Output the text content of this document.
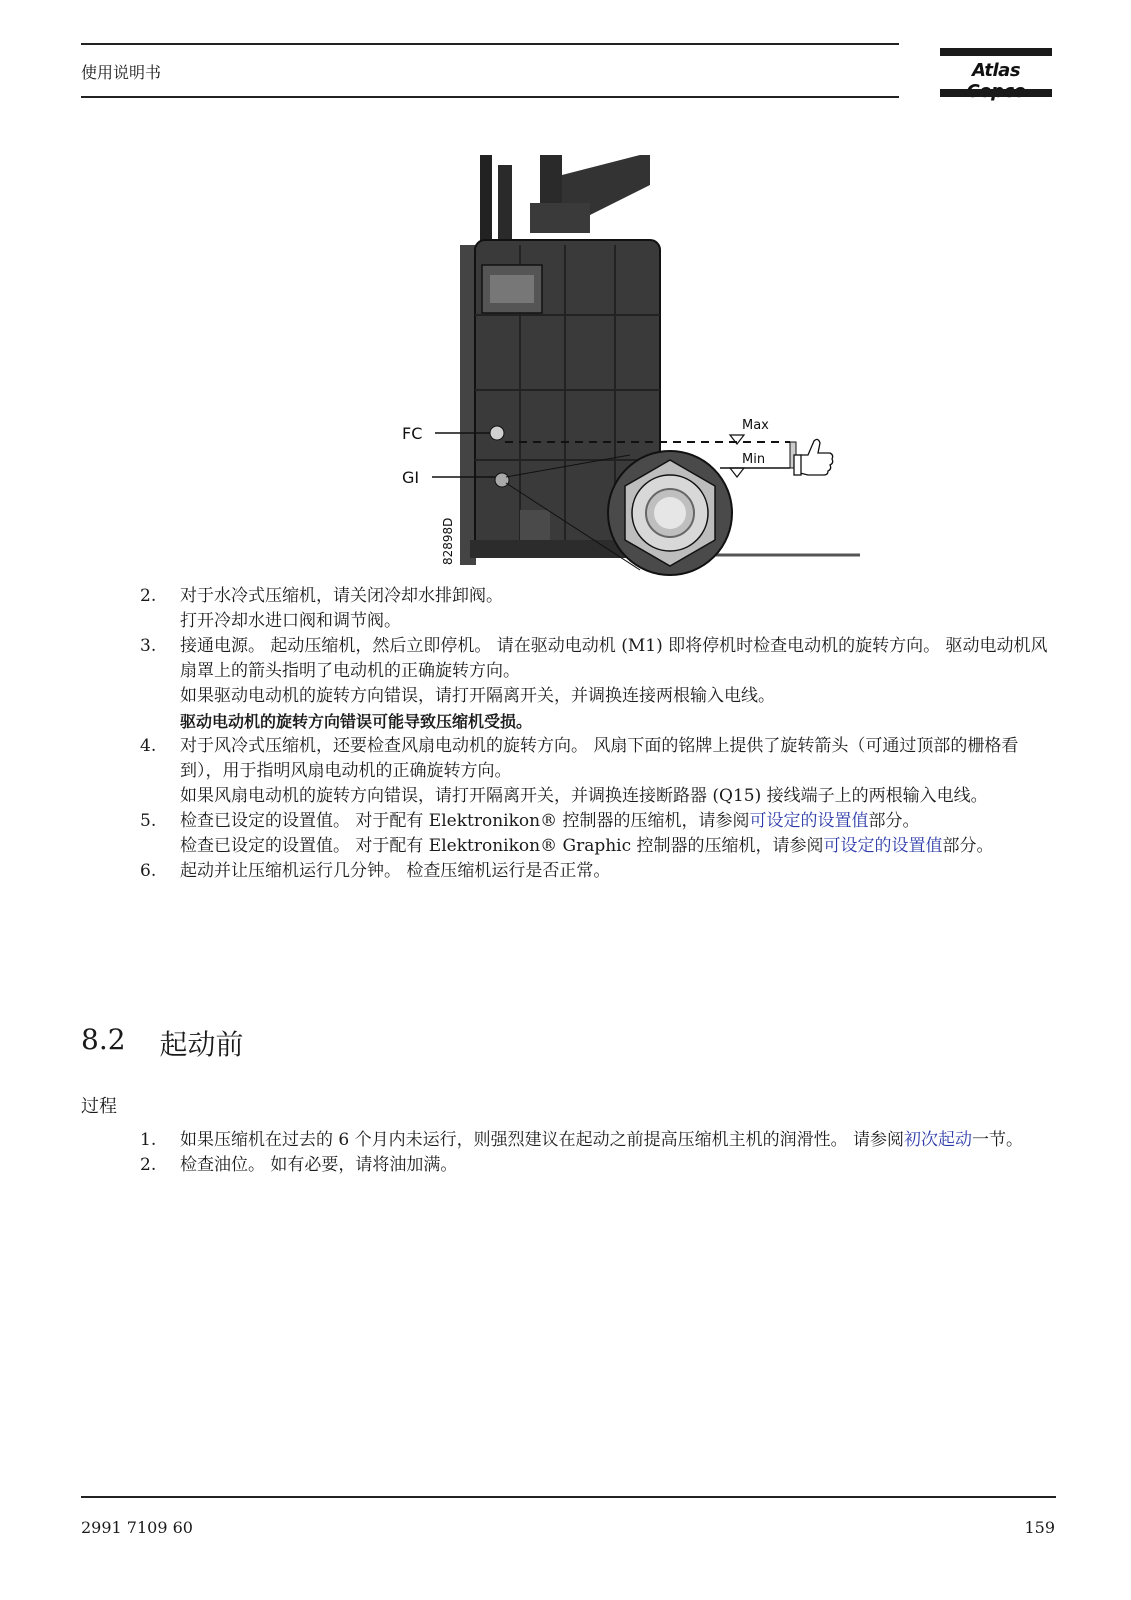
使用说明书	Atlas
FC
GI
Max
Min
82898D
2.	对于水冷式压缩机，请关闭冷却水排卸阀。

打开冷却水进口阀和调节阀。

3.	接通电源。 起动压缩机，然后立即停机。 请在驱动电动机 (M1) 即将停机时检查电动机的旋转方向。 驱动电动机风扇罩上的箭头指明了电动机的正确旋转方向。

如果驱动电动机的旋转方向错误，请打开隔离开关，并调换连接两根输入电线。

驱动电动机的旋转方向错误可能导致压缩机受损。

4.	对于风冷式压缩机，还要检查风扇电动机的旋转方向。 风扇下面的铭牌上提供了旋转箭头（可通过顶部的栅格看到），用于指明风扇电动机的正确旋转方向。

如果风扇电动机的旋转方向错误，请打开隔离开关，并调换连接断路器 (Q15) 接线端子上的两根输入电线。

5.	检查已设定的设置值。 对于配有 Elektronikon® 控制器的压缩机，请参阅可设定的设置值部分。

检查已设定的设置值。 对于配有 Elektronikon® Graphic 控制器的压缩机，请参阅可设定的设置值部分。

6.	起动并让压缩机运行几分钟。 检查压缩机运行是否正常。

8.2 起动前
过程
1.	如果压缩机在过去的 6 个月内未运行，则强烈建议在起动之前提高压缩机主机的润滑性。 请参阅初次起动一节。

2.	检查油位。 如有必要，请将油加满。

2991 7109 60	159
